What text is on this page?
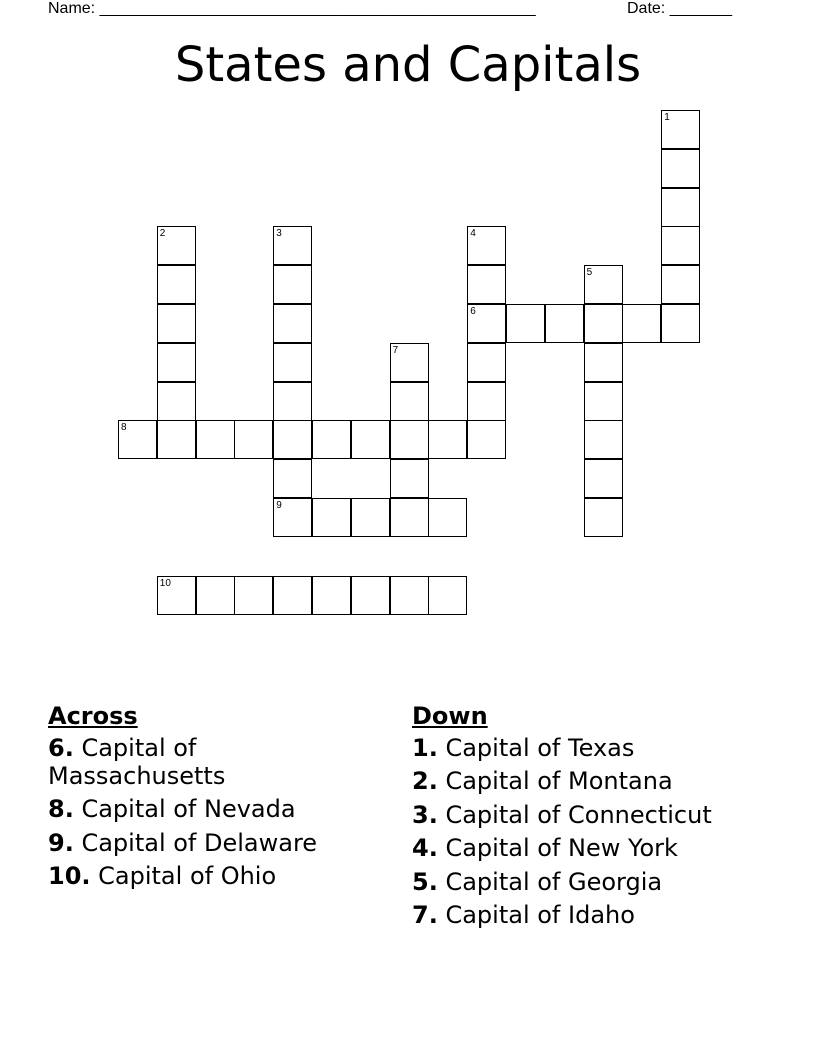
Name: _________________________________________________	Date: _______
States and Capitals
1
2	3
9
4
6
5
7
8
10
Across

6. Capital of Massachusetts

8. Capital of Nevada

9. Capital of Delaware

10. Capital of Ohio

Down

1. Capital of Texas

2. Capital of Montana

3. Capital of Connecticut

4. Capital of New York

5. Capital of Georgia

7. Capital of Idaho
